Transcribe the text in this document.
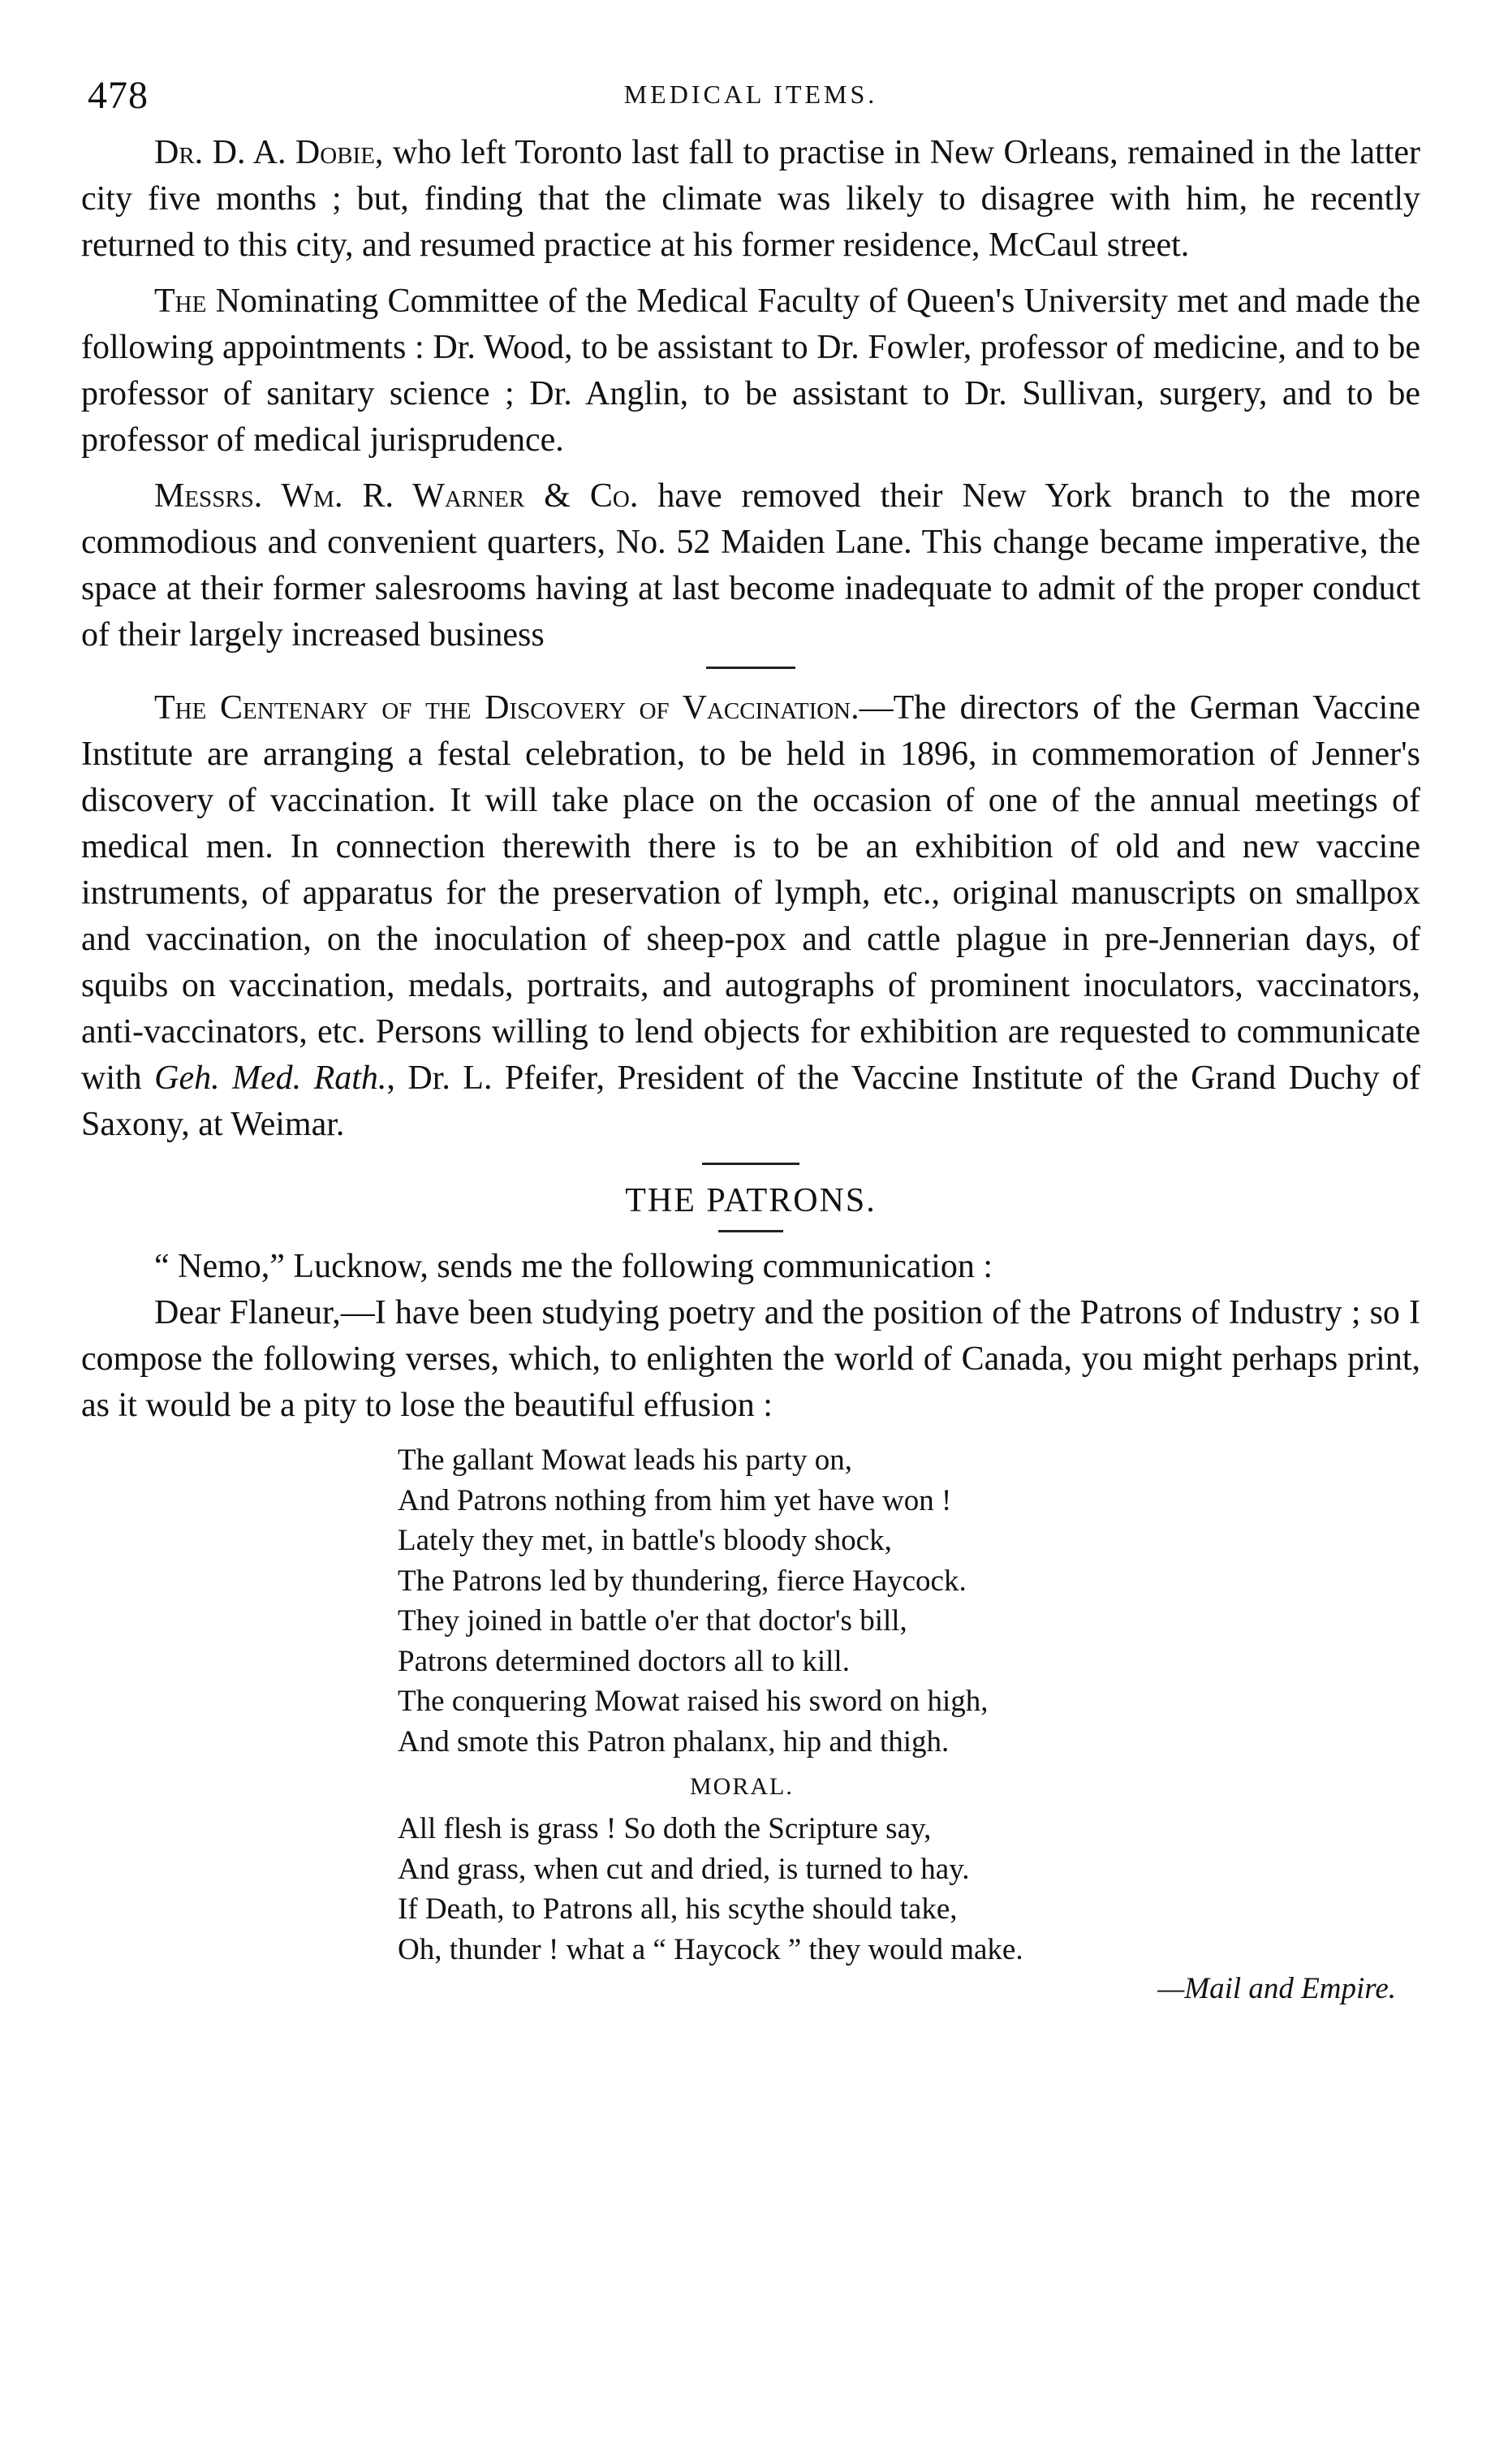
478	MEDICAL ITEMS.

Dr. D. A. Dobie, who left Toronto last fall to practise in New Orleans, remained in the latter city five months ; but, finding that the climate was likely to disagree with him, he recently returned to this city, and resumed practice at his former residence, McCaul street.

The Nominating Committee of the Medical Faculty of Queen's University met and made the following appointments : Dr. Wood, to be assistant to Dr. Fowler, professor of medicine, and to be professor of sanitary science ; Dr. Anglin, to be assistant to Dr. Sullivan, surgery, and to be professor of medical jurisprudence.

Messrs. Wm. R. Warner & Co. have removed their New York branch to the more commodious and convenient quarters, No. 52 Maiden Lane. This change became imperative, the space at their former salesrooms having at last become inadequate to admit of the proper conduct of their largely increased business

The Centenary of the Discovery of Vaccination.—The directors of the German Vaccine Institute are arranging a festal celebration, to be held in 1896, in commemoration of Jenner's discovery of vaccination. It will take place on the occasion of one of the annual meetings of medical men. In connection therewith there is to be an exhibition of old and new vaccine instruments, of apparatus for the preservation of lymph, etc., original manuscripts on smallpox and vaccination, on the inoculation of sheep-pox and cattle plague in pre-Jennerian days, of squibs on vaccination, medals, portraits, and autographs of prominent inoculators, vaccinators, anti-vaccinators, etc. Persons willing to lend objects for exhibition are requested to communicate with Geh. Med. Rath., Dr. L. Pfeifer, President of the Vaccine Institute of the Grand Duchy of Saxony, at Weimar.

THE PATRONS.

“ Nemo,” Lucknow, sends me the following communication :

Dear Flaneur,—I have been studying poetry and the position of the Patrons of Industry ; so I compose the following verses, which, to enlighten the world of Canada, you might perhaps print, as it would be a pity to lose the beautiful effusion :

The gallant Mowat leads his party on,
And Patrons nothing from him yet have won !
Lately they met, in battle's bloody shock,
The Patrons led by thundering, fierce Haycock.
They joined in battle o'er that doctor's bill,
Patrons determined doctors all to kill.
The conquering Mowat raised his sword on high,
And smote this Patron phalanx, hip and thigh.
MORAL.
All flesh is grass ! So doth the Scripture say,
And grass, when cut and dried, is turned to hay.
If Death, to Patrons all, his scythe should take,
Oh, thunder ! what a “ Haycock ” they would make.
—Mail and Empire.
